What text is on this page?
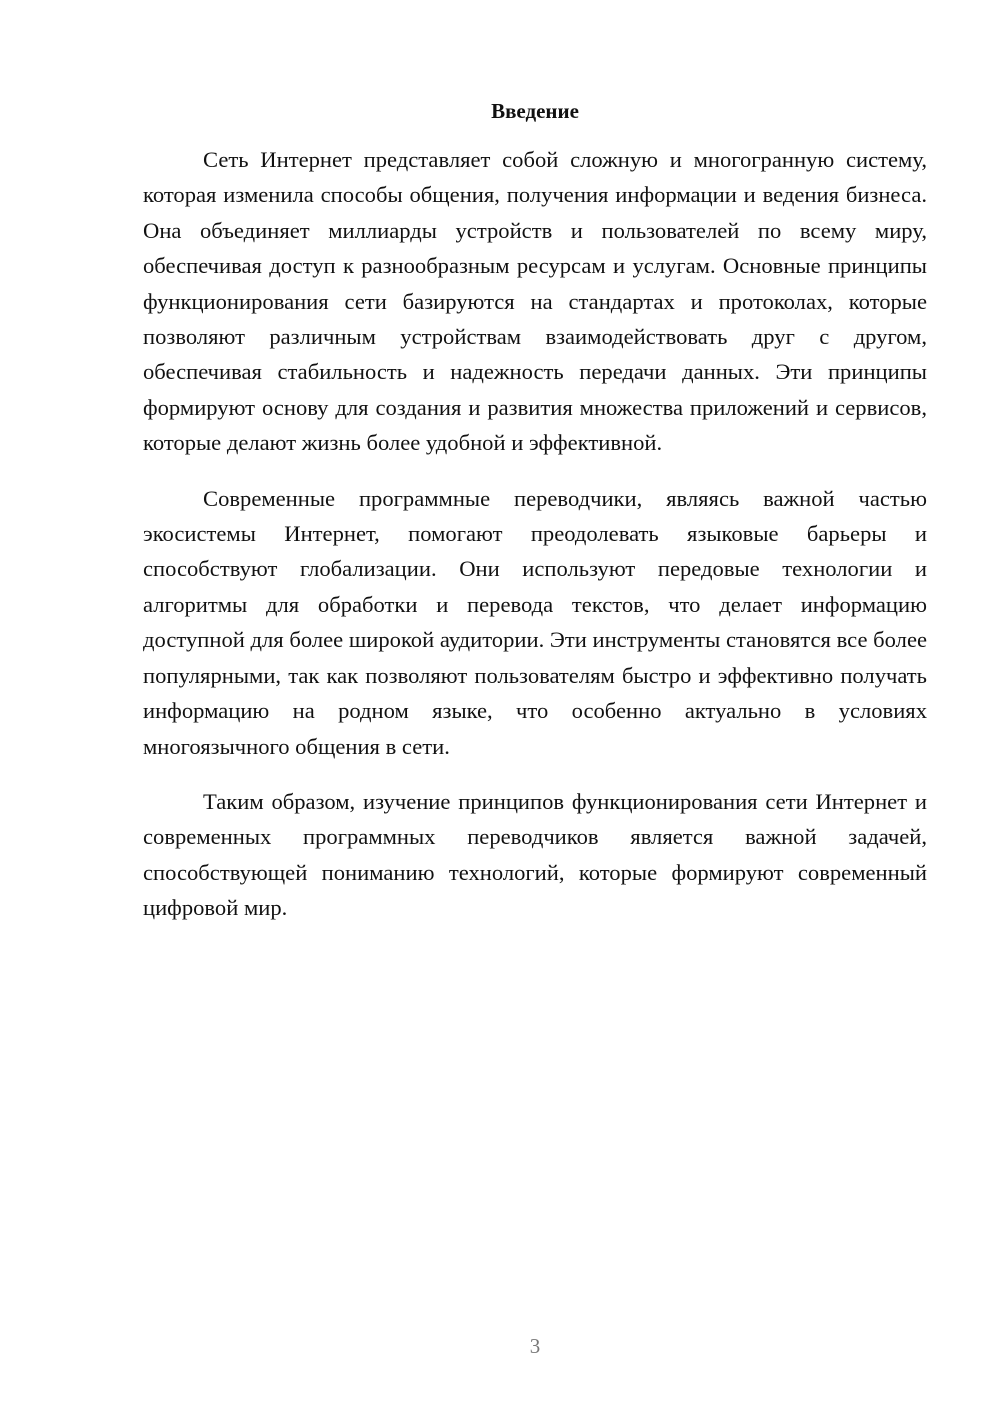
Введение

Сеть Интернет представляет собой сложную и многогранную систему, которая изменила способы общения, получения информации и ведения бизнеса. Она объединяет миллиарды устройств и пользователей по всему миру, обеспечивая доступ к разнообразным ресурсам и услугам. Основные принципы функционирования сети базируются на стандартах и протоколах, которые позволяют различным устройствам взаимодействовать друг с другом, обеспечивая стабильность и надежность передачи данных. Эти принципы формируют основу для создания и развития множества приложений и сервисов, которые делают жизнь более удобной и эффективной.

Современные программные переводчики, являясь важной частью экосистемы Интернет, помогают преодолевать языковые барьеры и способствуют глобализации. Они используют передовые технологии и алгоритмы для обработки и перевода текстов, что делает информацию доступной для более широкой аудитории. Эти инструменты становятся все более популярными, так как позволяют пользователям быстро и эффективно получать информацию на родном языке, что особенно актуально в условиях многоязычного общения в сети.

Таким образом, изучение принципов функционирования сети Интернет и современных программных переводчиков является важной задачей, способствующей пониманию технологий, которые формируют современный цифровой мир.

3
